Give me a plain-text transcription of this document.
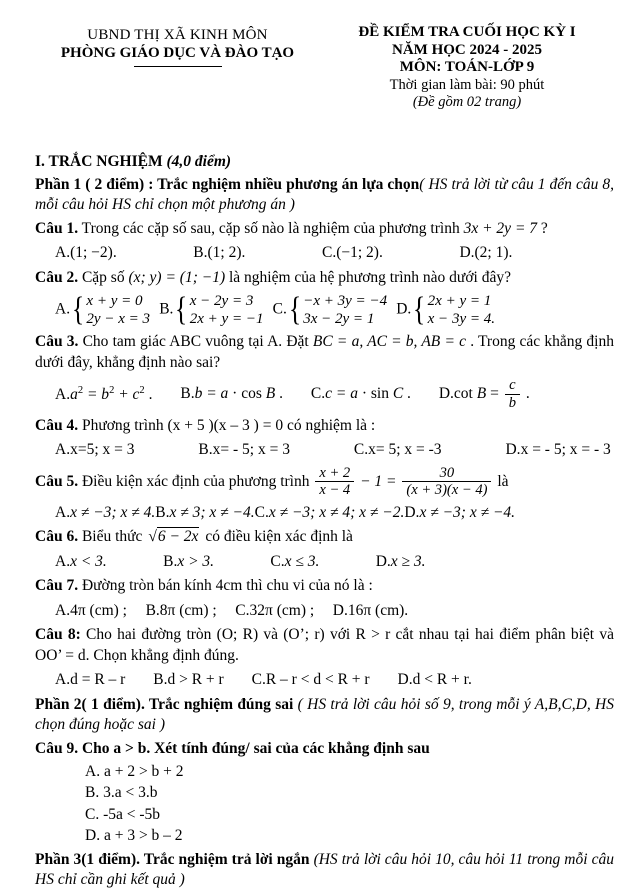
UBND THỊ XÃ KINH MÔN
PHÒNG GIÁO DỤC VÀ ĐÀO TẠO
ĐỀ KIỂM TRA CUỐI HỌC KỲ I
NĂM HỌC 2024 - 2025
MÔN: TOÁN-LỚP 9
Thời gian làm bài: 90 phút
(Đề gồm 02 trang)

I. TRẮC NGHIỆM (4,0 điểm)

Phần 1 ( 2 điểm) : Trắc nghiệm nhiều phương án lựa chọn( HS trả lời từ câu 1 đến câu 8, mỗi câu hỏi HS chỉ chọn một phương án )

Câu 1. Trong các cặp số sau, cặp số nào là nghiệm của phương trình 3x + 2y = 7 ?

A.(1; −2).	B.(1; 2).	C.(−1; 2).	D.(2; 1).

Câu 2. Cặp số (x; y) = (1; −1) là nghiệm của hệ phương trình nào dưới đây?

A. { x + y = 0
2y − x = 3
B. { x − 2y = 3
2x + y = −1
C. { −x + 3y = −4
3x − 2y = 1
D. { 2x + y = 1
x − 3y = 4.

Câu 3. Cho tam giác ABC vuông tại A. Đặt BC = a, AC = b, AB = c . Trong các khẳng định dưới đây, khẳng định nào sai?

$A.a^2 = b^2 + c^2$ . B.b = a · cos B . C.c = a · sin C . D.cot $B = \frac{c}{b}$ .

Câu 4. Phương trình (x + 5 )(x – 3 ) = 0 có nghiệm là :

A.x=5; x = 3	B.x= - 5; x = 3	C.x= 5; x = -3	D.x = - 5; x = - 3

Câu 5. Điều kiện xác định của phương trình $\frac{x + 2}{x - 4} - 1 = \frac{30}{(x + 3)(x - 4)}$ là

A.x ≠ −3; x ≠ 4. B.x ≠ 3; x ≠ −4. C.x ≠ −3; x ≠ 4; x ≠ −2. D.x ≠ −3; x ≠ −4.

Câu 6. Biểu thức √6 − 2x có điều kiện xác định là

A.x < 3.	B.x > 3.	C.x ≤ 3.	D.x ≥ 3.

Câu 7. Đường tròn bán kính 4cm thì chu vi của nó là :

A.4π (cm) ; B.8π (cm) ; C.32π (cm) ; D.16π (cm).

Câu 8: Cho hai đường tròn (O; R) và (O’; r) với R > r cắt nhau tại hai điểm phân biệt và OO’ = d. Chọn khẳng định đúng.

A.d = R – r B.d > R + r C.R – r < d < R + r D.d < R + r.

Phần 2( 1 điểm). Trắc nghiệm đúng sai ( HS trả lời câu hỏi số 9, trong mỗi ý A,B,C,D, HS chọn đúng hoặc sai )

Câu 9. Cho a > b. Xét tính đúng/ sai của các khẳng định sau

A. a + 2 > b + 2

B. 3.a < 3.b

C. -5a < -5b

D. a + 3 > b – 2

Phần 3(1 điểm). Trắc nghiệm trả lời ngắn (HS trả lời câu hỏi 10, câu hỏi 11 trong mỗi câu HS chỉ cần ghi kết quả )
